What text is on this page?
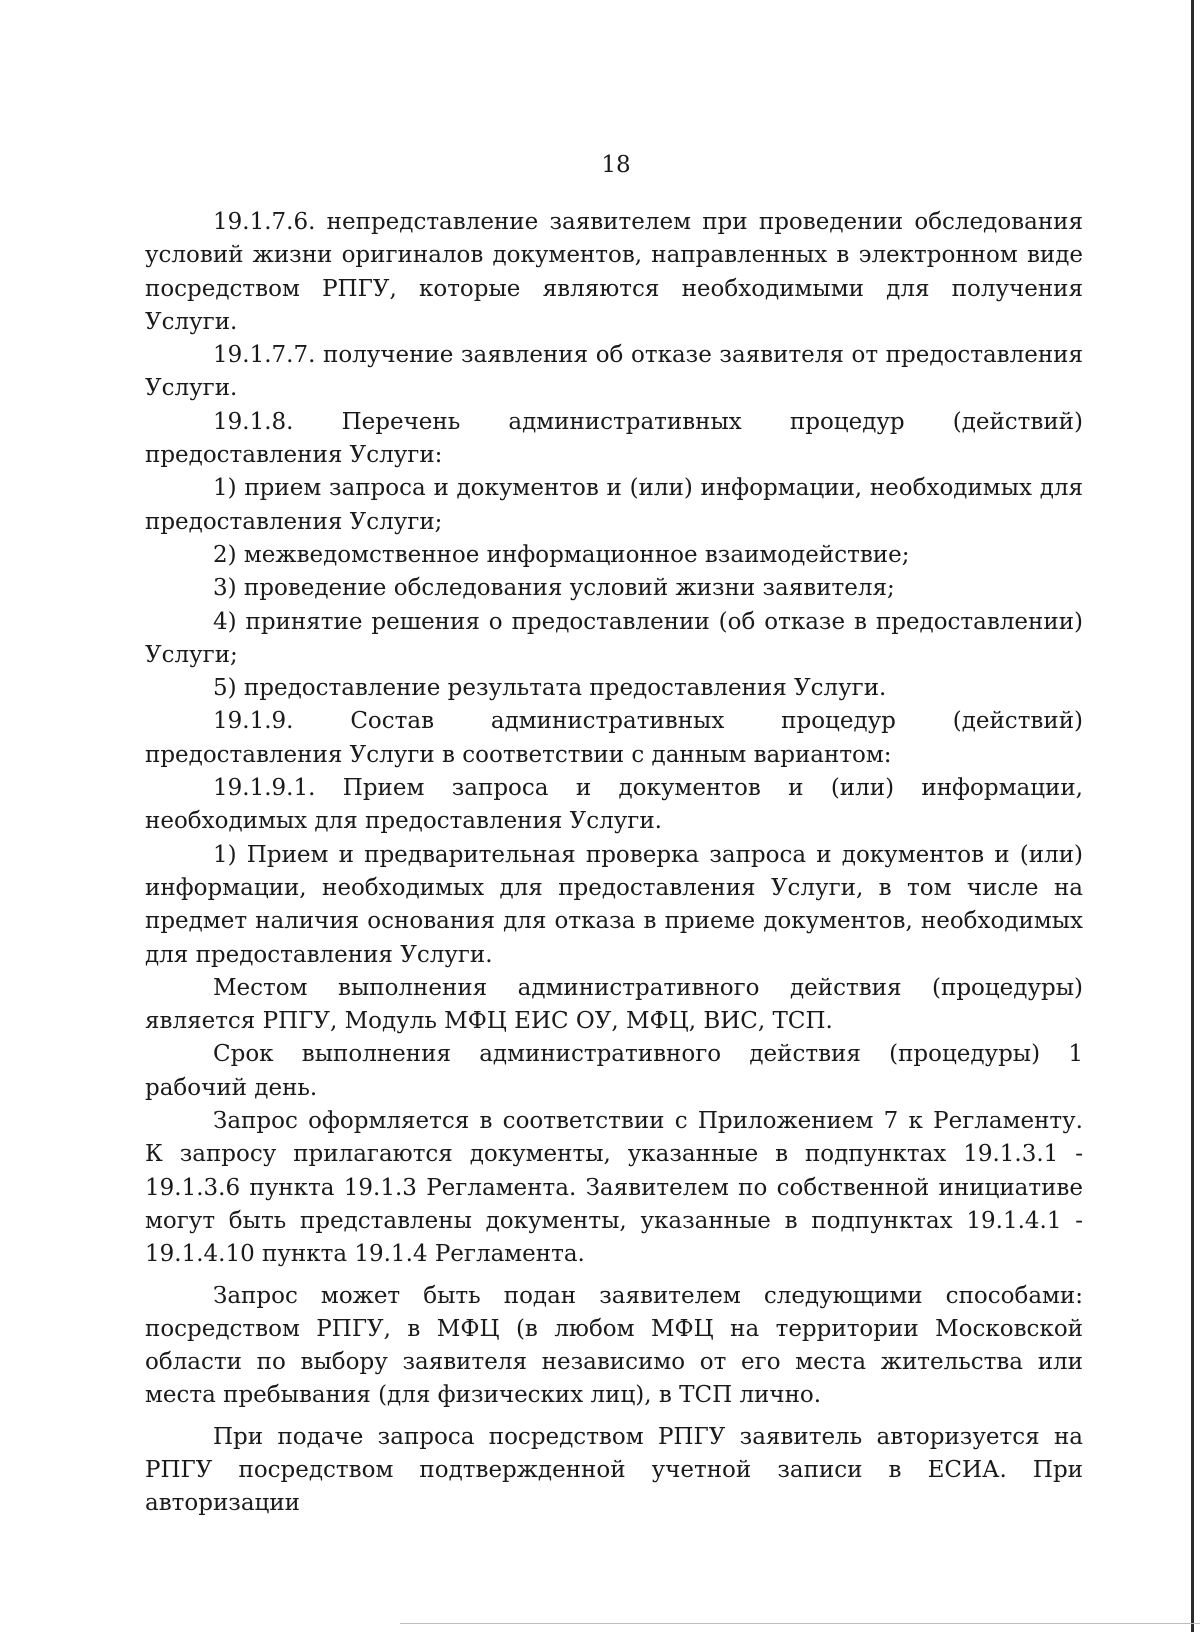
18

19.1.7.6. непредставление заявителем при проведении обследования условий жизни оригиналов документов, направленных в электронном виде посредством РПГУ, которые являются необходимыми для получения Услуги.

19.1.7.7. получение заявления об отказе заявителя от предоставления Услуги.

19.1.8. Перечень административных процедур (действий) предоставления Услуги:

1) прием запроса и документов и (или) информации, необходимых для предоставления Услуги;

2) межведомственное информационное взаимодействие;

3) проведение обследования условий жизни заявителя;

4) принятие решения о предоставлении (об отказе в предоставлении) Услуги;

5) предоставление результата предоставления Услуги.

19.1.9. Состав административных процедур (действий) предоставления Услуги в соответствии с данным вариантом:

19.1.9.1. Прием запроса и документов и (или) информации, необходимых для предоставления Услуги.

1) Прием и предварительная проверка запроса и документов и (или) информации, необходимых для предоставления Услуги, в том числе на предмет наличия основания для отказа в приеме документов, необходимых для предоставления Услуги.

Местом выполнения административного действия (процедуры) является РПГУ, Модуль МФЦ ЕИС ОУ, МФЦ, ВИС, ТСП.

Срок выполнения административного действия (процедуры) 1 рабочий день.

Запрос оформляется в соответствии с Приложением 7 к Регламенту. К запросу прилагаются документы, указанные в подпунктах 19.1.3.1 - 19.1.3.6 пункта 19.1.3 Регламента. Заявителем по собственной инициативе могут быть представлены документы, указанные в подпунктах 19.1.4.1 - 19.1.4.10 пункта 19.1.4 Регламента.

Запрос может быть подан заявителем следующими способами: посредством РПГУ, в МФЦ (в любом МФЦ на территории Московской области по выбору заявителя независимо от его места жительства или места пребывания (для физических лиц), в ТСП лично.

При подаче запроса посредством РПГУ заявитель авторизуется на РПГУ посредством подтвержденной учетной записи в ЕСИА. При авторизации
